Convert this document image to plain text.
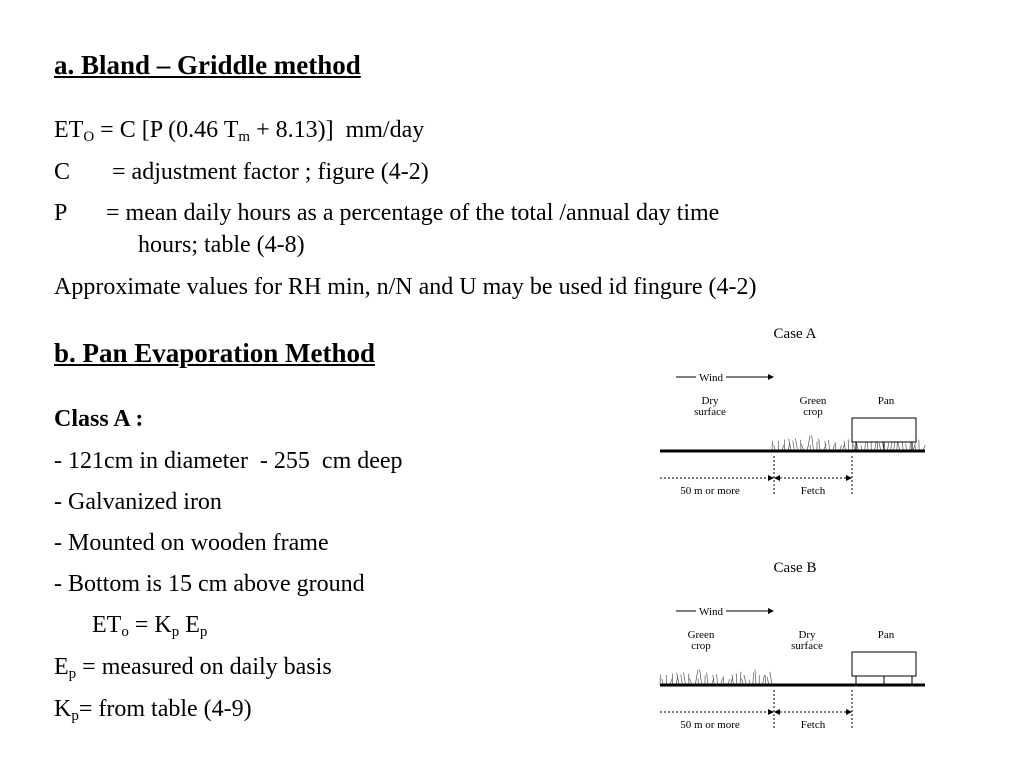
a. Bland – Griddle method
$ET_O = C$ [P (0.46 $T_m + 8.13$)]  mm/day
C = adjustment factor ; figure (4-2)
P = mean daily hours as a percentage of the total /annual day time
hours; table (4-8)
Approximate values for RH min, n/N and U may be used id fingure (4-2)
b. Pan Evaporation Method
Class A :
- 121cm in diameter  - 255  cm deep
- Galvanized iron
- Mounted on wooden frame
- Bottom is 15 cm above ground
$ET_o = K_p$ $E_p$
$E_p$ = measured on daily basis
$K_p=$ from table (4-9)
Case A
Wind
Dry
surface
Green
crop
Pan
50 m or more	Fetch
Case B
Wind
Green
crop
Dry
surface
Pan
50 m or more	Fetch
